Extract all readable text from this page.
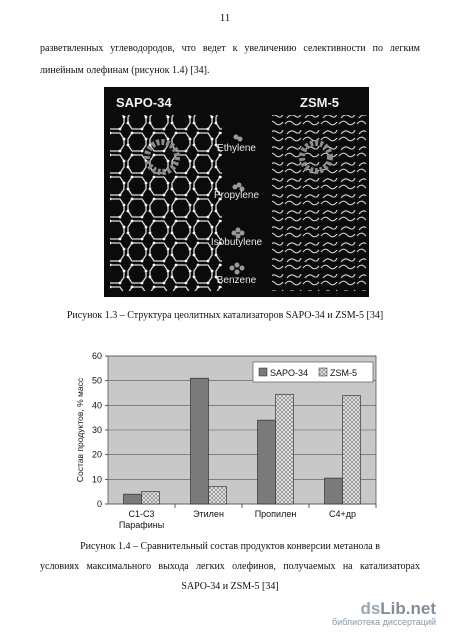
11
разветвленных углеводородов, что ведет к увеличению селективности по легким
линейным олефинам (рисунок 1.4) [34].
SAPO-34	ZSM-5
Ethylene
Propylene
Isobutylene
Benzene
Рисунок 1.3 – Структура цеолитных катализаторов SAPO-34 и ZSM-5 [34]
0
10
20
30
40
50
60
Состав продуктов, % масс
С1-С3
Парафины
Этилен	Пропилен	С4+др
SAPO-34 ZSM-5
Рисунок 1.4 – Сравнительный состав продуктов конверсии метанола в
условиях максимального выхода легких олефинов, получаемых на катализаторах
SAPO-34 и ZSM-5 [34]
dsLib.net
библиотека диссертаций
